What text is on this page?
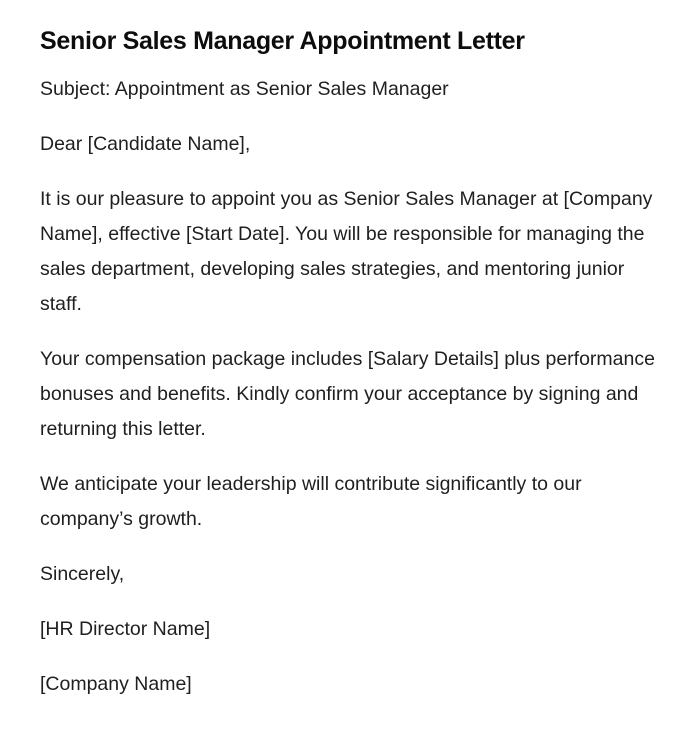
Senior Sales Manager Appointment Letter

Subject: Appointment as Senior Sales Manager

Dear [Candidate Name],

It is our pleasure to appoint you as Senior Sales Manager at [Company Name], effective [Start Date]. You will be responsible for managing the sales department, developing sales strategies, and mentoring junior staff.

Your compensation package includes [Salary Details] plus performance bonuses and benefits. Kindly confirm your acceptance by signing and returning this letter.

We anticipate your leadership will contribute significantly to our company’s growth.

Sincerely,

[HR Director Name]

[Company Name]
